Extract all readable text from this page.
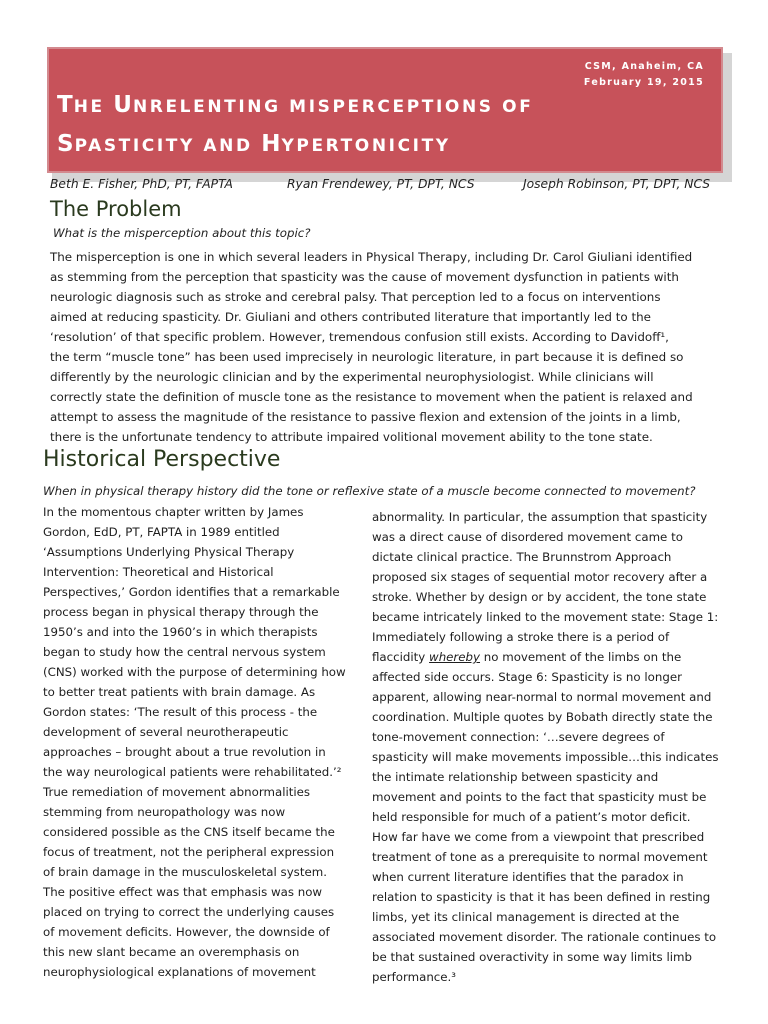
CSM, Anaheim, CA
February 19, 2015
THE UNRELENTING MISPERCEPTIONS OF
SPASTICITY AND HYPERTONICITY
Beth E. Fisher, PhD, PT, FAPTA	Ryan Frendewey, PT, DPT, NCS	Joseph Robinson, PT, DPT, NCS
The Problem
What is the misperception about this topic?
The misperception is one in which several leaders in Physical Therapy, including Dr. Carol Giuliani identified
as stemming from the perception that spasticity was the cause of movement dysfunction in patients with
neurologic diagnosis such as stroke and cerebral palsy. That perception led to a focus on interventions
aimed at reducing spasticity. Dr. Giuliani and others contributed literature that importantly led to the
‘resolution’ of that specific problem. However, tremendous confusion still exists. According to Davidoff¹,
the term “muscle tone” has been used imprecisely in neurologic literature, in part because it is defined so
differently by the neurologic clinician and by the experimental neurophysiologist. While clinicians will
correctly state the definition of muscle tone as the resistance to movement when the patient is relaxed and
attempt to assess the magnitude of the resistance to passive flexion and extension of the joints in a limb,
there is the unfortunate tendency to attribute impaired volitional movement ability to the tone state.
Historical Perspective
When in physical therapy history did the tone or reflexive state of a muscle become connected to movement?
In the momentous chapter written by James
Gordon, EdD, PT, FAPTA in 1989 entitled
‘Assumptions Underlying Physical Therapy
Intervention: Theoretical and Historical
Perspectives,’ Gordon identifies that a remarkable
process began in physical therapy through the
1950’s and into the 1960’s in which therapists
began to study how the central nervous system
(CNS) worked with the purpose of determining how
to better treat patients with brain damage. As
Gordon states: ‘The result of this process - the
development of several neurotherapeutic
approaches – brought about a true revolution in
the way neurological patients were rehabilitated.’²
True remediation of movement abnormalities
stemming from neuropathology was now
considered possible as the CNS itself became the
focus of treatment, not the peripheral expression
of brain damage in the musculoskeletal system.
The positive effect was that emphasis was now
placed on trying to correct the underlying causes
of movement deficits. However, the downside of
this new slant became an overemphasis on
neurophysiological explanations of movement
abnormality. In particular, the assumption that spasticity
was a direct cause of disordered movement came to
dictate clinical practice. The Brunnstrom Approach
proposed six stages of sequential motor recovery after a
stroke. Whether by design or by accident, the tone state
became intricately linked to the movement state: Stage 1:
Immediately following a stroke there is a period of
flaccidity whereby no movement of the limbs on the
affected side occurs. Stage 6: Spasticity is no longer
apparent, allowing near-normal to normal movement and
coordination. Multiple quotes by Bobath directly state the
tone-movement connection: ‘…severe degrees of
spasticity will make movements impossible…this indicates
the intimate relationship between spasticity and
movement and points to the fact that spasticity must be
held responsible for much of a patient’s motor deficit.
How far have we come from a viewpoint that prescribed
treatment of tone as a prerequisite to normal movement
when current literature identifies that the paradox in
relation to spasticity is that it has been defined in resting
limbs, yet its clinical management is directed at the
associated movement disorder. The rationale continues to
be that sustained overactivity in some way limits limb
performance.³
